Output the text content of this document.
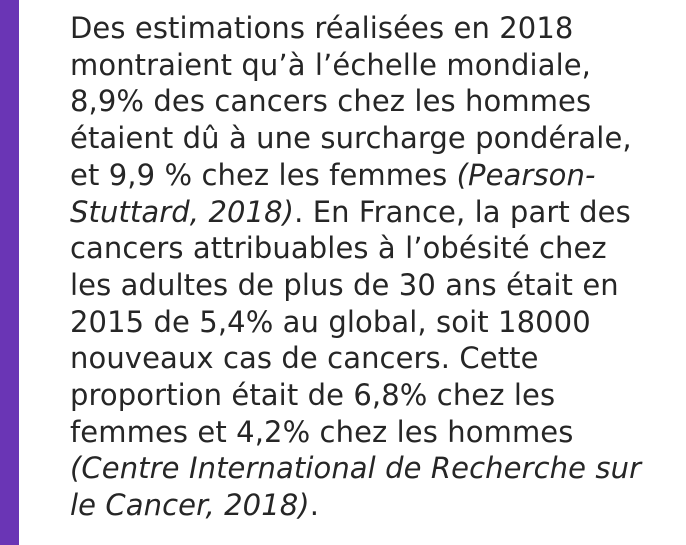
Des estimations réalisées en 2018
montraient qu’à l’échelle mondiale,
8,9% des cancers chez les hommes
étaient dû à une surcharge pondérale,
et 9,9 % chez les femmes (Pearson-
Stuttard, 2018). En France, la part des
cancers attribuables à l’obésité chez
les adultes de plus de 30 ans était en
2015 de 5,4% au global, soit 18000
nouveaux cas de cancers. Cette
proportion était de 6,8% chez les
femmes et 4,2% chez les hommes
(Centre International de Recherche sur
le Cancer, 2018).
